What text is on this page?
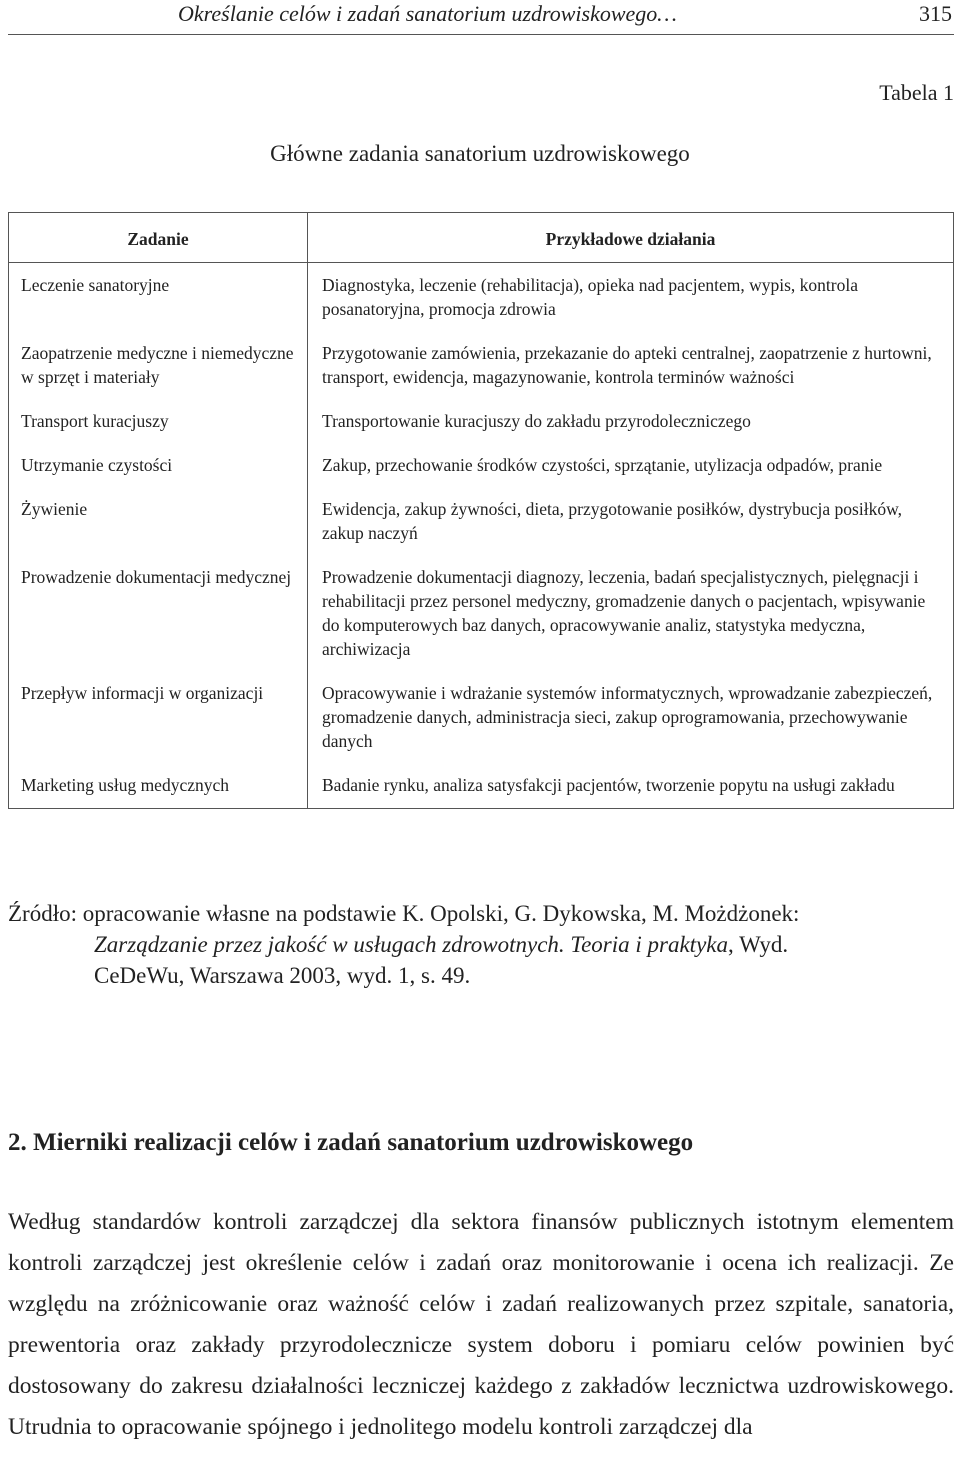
Określanie celów i zadań sanatorium uzdrowiskowego…	315
Tabela 1
Główne zadania sanatorium uzdrowiskowego
Zadanie	Przykładowe działania
Leczenie sanatoryjne	Diagnostyka, leczenie (rehabilitacja), opieka nad pacjentem, wypis, kontrola posanatoryjna, promocja zdrowia
Zaopatrzenie medyczne i niemedyczne w sprzęt i materiały	Przygotowanie zamówienia, przekazanie do apteki centralnej, zaopatrzenie z hurtowni, transport, ewidencja, magazynowanie, kontrola terminów ważności
Transport kuracjuszy	Transportowanie kuracjuszy do zakładu przyrodoleczniczego
Utrzymanie czystości	Zakup, przechowanie środków czystości, sprzątanie, utylizacja odpadów, pranie
Żywienie	Ewidencja, zakup żywności, dieta, przygotowanie posiłków, dystrybucja posiłków, zakup naczyń
Prowadzenie dokumentacji medycznej	Prowadzenie dokumentacji diagnozy, leczenia, badań specjalistycznych, pielęgnacji i rehabilitacji przez personel medyczny, gromadzenie danych o pacjentach, wpisywanie do komputerowych baz danych, opracowywanie analiz, statystyka medyczna, archiwizacja
Przepływ informacji w organizacji	Opracowywanie i wdrażanie systemów informatycznych, wprowadzanie zabezpieczeń, gromadzenie danych, administracja sieci, zakup oprogramowania, przechowywanie danych
Marketing usług medycznych	Badanie rynku, analiza satysfakcji pacjentów, tworzenie popytu na usługi zakładu
Źródło: opracowanie własne na podstawie K. Opolski, G. Dykowska, M. Możdżonek:
Zarządzanie przez jakość w usługach zdrowotnych. Teoria i praktyka, Wyd.
CeDeWu, Warszawa 2003, wyd. 1, s. 49.
2. Mierniki realizacji celów i zadań sanatorium uzdrowiskowego
Według standardów kontroli zarządczej dla sektora finansów publicznych istotnym elementem kontroli zarządczej jest określenie celów i zadań oraz monitorowanie i ocena ich realizacji. Ze względu na zróżnicowanie oraz ważność celów i zadań realizowanych przez szpitale, sanatoria, prewentoria oraz zakłady przyrodolecznicze system doboru i pomiaru celów powinien być dostosowany do zakresu działalności leczniczej każdego z zakładów lecznictwa uzdrowiskowego. Utrudnia to opracowanie spójnego i jednolitego modelu kontroli zarządczej dla
